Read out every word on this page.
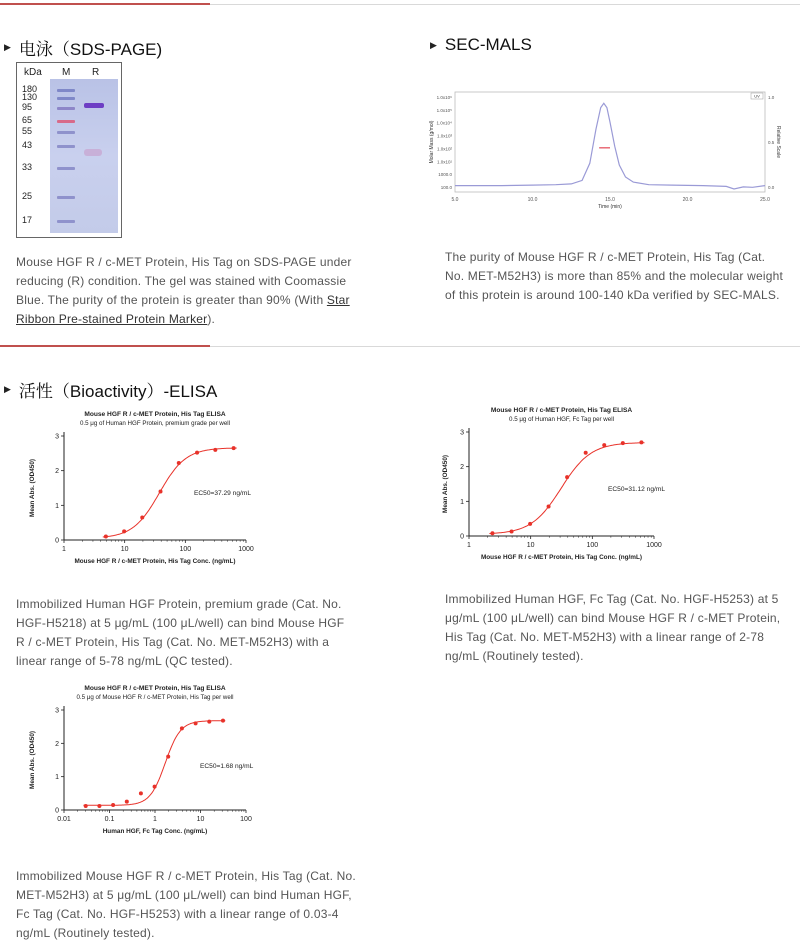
▶ 电泳（SDS-PAGE)
kDa M R
180
130
95
65
55
43
33
25
17
Mouse HGF R / c-MET Protein, His Tag on SDS-PAGE under reducing (R) condition. The gel was stained with Coomassie Blue. The purity of the protein is greater than 90% (With Star Ribbon Pre-stained Protein Marker).
▶ SEC-MALS
5.0	10.0	15.0	20.0	25.0
1.0x10⁶
1.0x10⁵
1.0x10⁴
1.0x10³
1.0x10²
1.0x10¹
1000.0
100.0
1.0
0.5
0.0
Time (min)
Molar Mass (g/mol)	Relative Scale
UV
The purity of Mouse HGF R / c-MET Protein, His Tag (Cat. No. MET-M52H3) is more than 85% and the molecular weight of this protein is around 100-140 kDa verified by SEC-MALS.
▶ 活性（Bioactivity）-ELISA
Mouse HGF R / c-MET Protein, His Tag ELISA
0.5 μg of Human HGF Protein, premium grade per well
0
1
2
3
1	10	100	1000
Mouse HGF R / c-MET Protein, His Tag Conc. (ng/mL)
Mean Abs. (OD450)	EC50=37.29 ng/mL
Immobilized Human HGF Protein, premium grade (Cat. No. HGF-H5218) at 5 μg/mL (100 μL/well) can bind Mouse HGF R / c-MET Protein, His Tag (Cat. No. MET-M52H3) with a linear range of 5-78 ng/mL (QC tested).
Mouse HGF R / c-MET Protein, His Tag ELISA
0.5 μg of Human HGF, Fc Tag per well
0
1
2
3
1	10	100	1000
Mouse HGF R / c-MET Protein, His Tag Conc. (ng/mL)
Mean Abs. (OD450)	EC50=31.12 ng/mL
Immobilized Human HGF, Fc Tag (Cat. No. HGF-H5253) at 5 μg/mL (100 μL/well) can bind Mouse HGF R / c-MET Protein, His Tag (Cat. No. MET-M52H3) with a linear range of 2-78 ng/mL (Routinely tested).
Mouse HGF R / c-MET Protein, His Tag ELISA
0.5 μg of Mouse HGF R / c-MET Protein, His Tag per well
0
1
2
3
0.01	0.1	1	10	100
Human HGF, Fc Tag Conc. (ng/mL)
Mean Abs. (OD450)	EC50=1.68 ng/mL
Immobilized Mouse HGF R / c-MET Protein, His Tag (Cat. No. MET-M52H3) at 5 μg/mL (100 μL/well) can bind Human HGF, Fc Tag (Cat. No. HGF-H5253) with a linear range of 0.03-4 ng/mL (Routinely tested).
